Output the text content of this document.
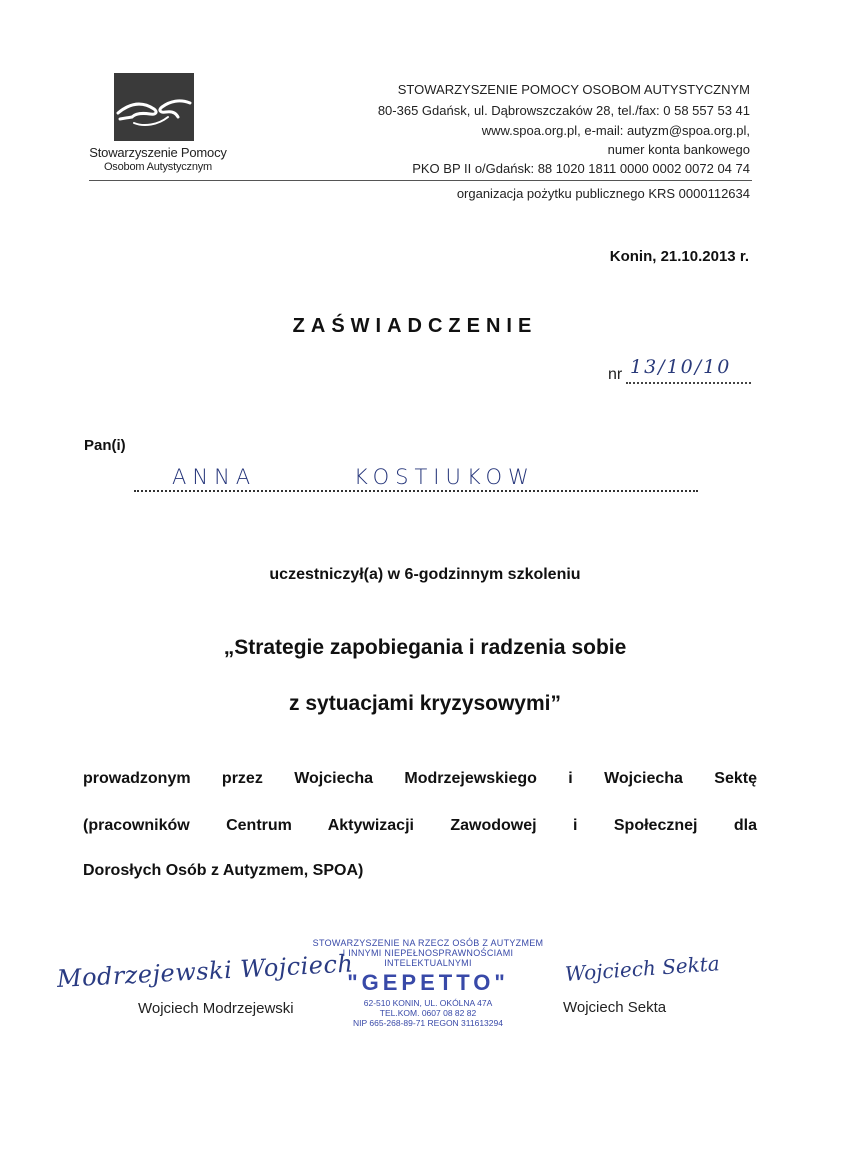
Stowarzyszenie Pomocy
Osobom Autystycznym
STOWARZYSZENIE POMOCY OSOBOM AUTYSTYCZNYM
80-365 Gdańsk, ul. Dąbrowszczaków 28, tel./fax: 0 58 557 53 41
www.spoa.org.pl, e-mail: autyzm@spoa.org.pl,
numer konta bankowego
PKO BP II o/Gdańsk: 88 1020 1811 0000 0002 0072 04 74
organizacja pożytku publicznego KRS 0000112634
Konin, 21.10.2013 r.
ZAŚWIADCZENIE
nr 13/10/10
Pan(i)
ANNA	KOSTIUKOW
uczestniczył(a) w 6-godzinnym szkoleniu
„Strategie zapobiegania i radzenia sobie
z sytuacjami kryzysowymi”
prowadzonym przez Wojciecha Modrzejewskiego i Wojciecha Sektę
(pracowników Centrum Aktywizacji Zawodowej i Społecznej dla
Dorosłych Osób z Autyzmem, SPOA)
Modrzejewski Wojciech
Wojciech Modrzejewski
STOWARZYSZENIE NA RZECZ OSÓB Z AUTYZMEM
I INNYMI NIEPEŁNOSPRAWNOŚCIAMI INTELEKTUALNYMI
"GEPETTO"
62-510 KONIN, UL. OKÓLNA 47A
TEL.KOM. 0607 08 82 82
NIP 665-268-89-71 REGON 311613294
Wojciech Sekta
Wojciech Sekta
